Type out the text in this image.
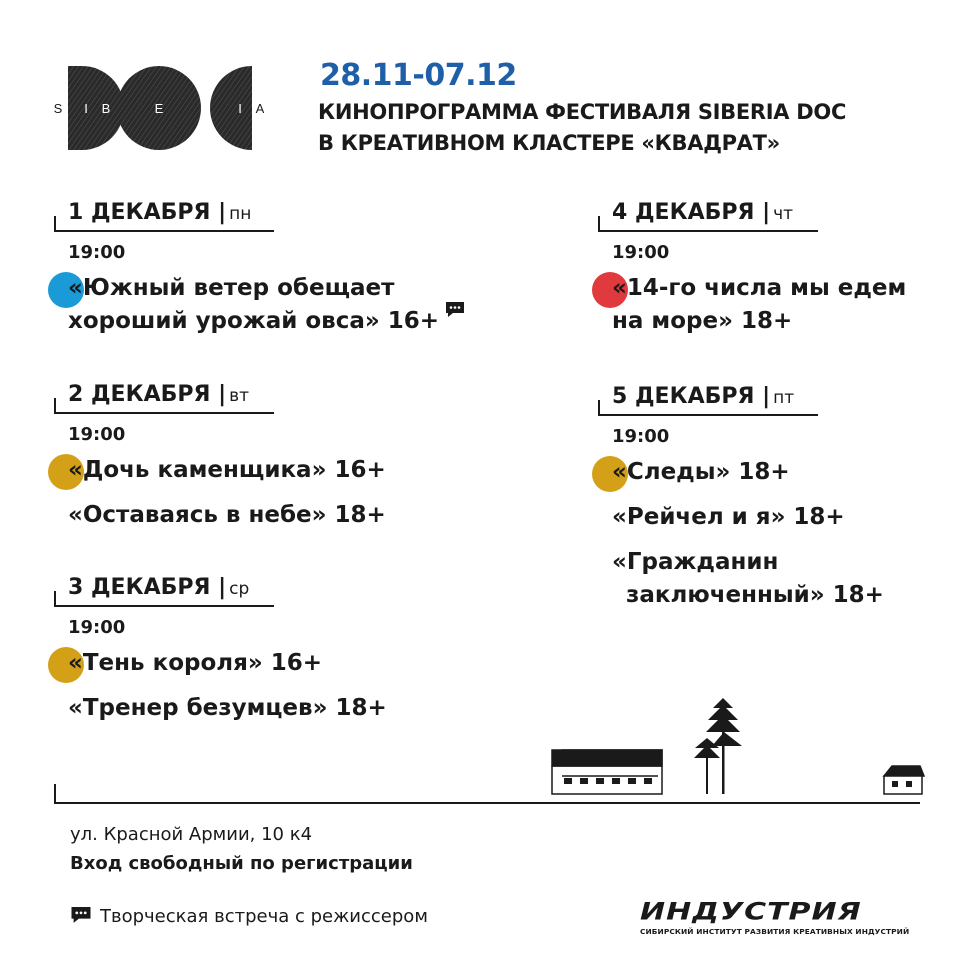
S I B	E	R I A
28.11-07.12
КИНОПРОГРАММА ФЕСТИВАЛЯ SIBERIA DOC
В КРЕАТИВНОМ КЛАСТЕРЕ «КВАДРАТ»
1 ДЕКАБРЯ | пн
19:00
«Южный ветер обещает
хороший урожай овса» 16+
2 ДЕКАБРЯ | вт
19:00
«Дочь каменщика» 16+
«Оставаясь в небе» 18+
3 ДЕКАБРЯ | ср
19:00
«Тень короля» 16+
«Тренер безумцев» 18+
4 ДЕКАБРЯ | чт
19:00
«14-го числа мы едем
на море» 18+
5 ДЕКАБРЯ | пт
19:00
«Следы» 18+
«Рейчел и я» 18+
«Гражданин
заключенный» 18+
ул. Красной Армии, 10 к4
Вход свободный по регистрации
Творческая встреча с режиссером	ИНДУСТРИЯ
СИБИРСКИЙ ИНСТИТУТ РАЗВИТИЯ КРЕАТИВНЫХ ИНДУСТРИЙ
